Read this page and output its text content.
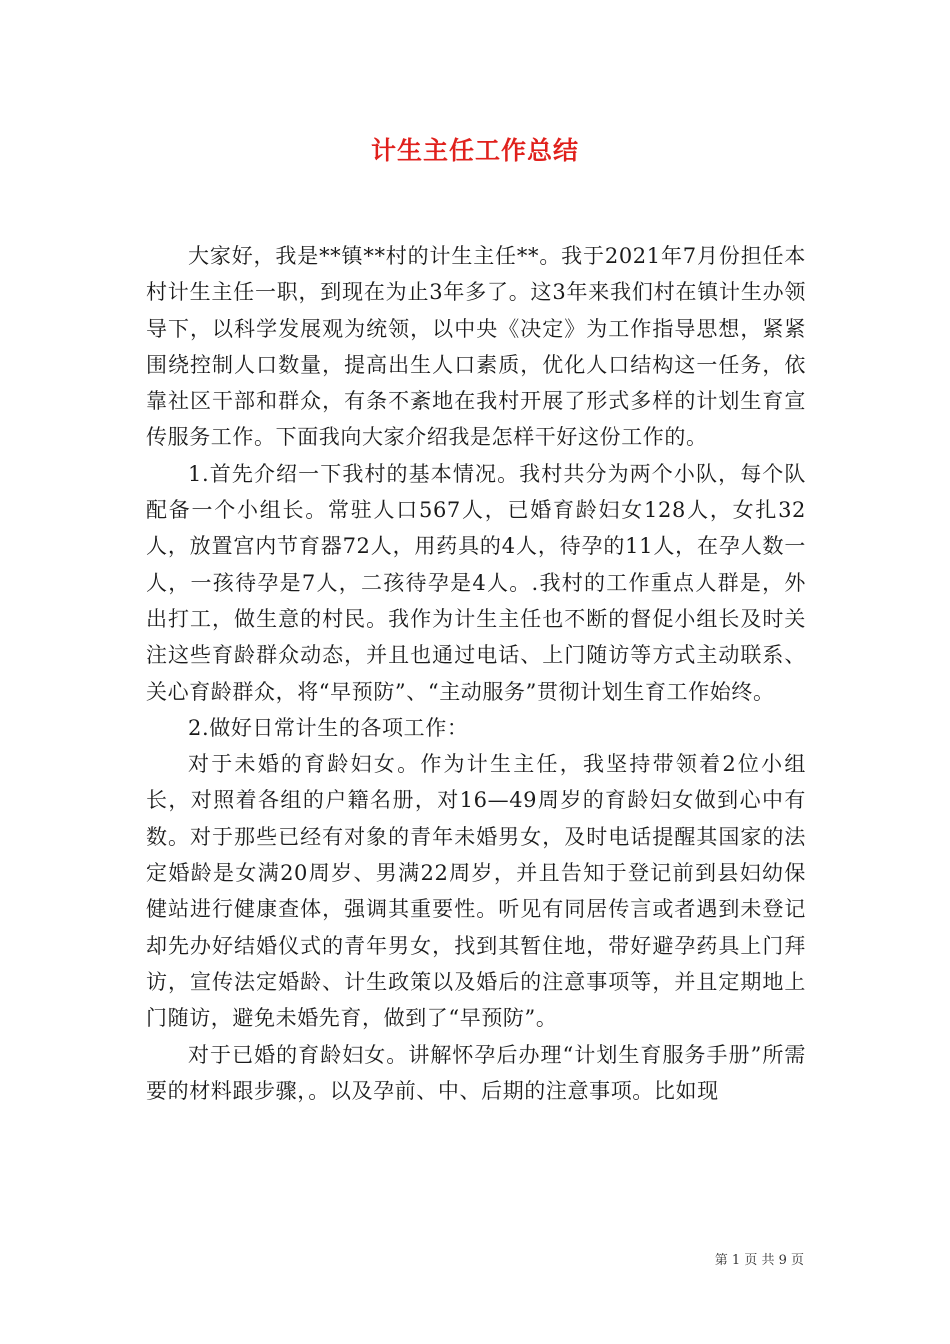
计生主任工作总结

大家好，我是**镇**村的计生主任**。我于2021年7月份担任本村计生主任一职，到现在为止3年多了。这3年来我们村在镇计生办领导下，以科学发展观为统领，以中央《决定》为工作指导思想，紧紧围绕控制人口数量，提高出生人口素质，优化人口结构这一任务，依靠社区干部和群众，有条不紊地在我村开展了形式多样的计划生育宣传服务工作。下面我向大家介绍我是怎样干好这份工作的。

1.首先介绍一下我村的基本情况。我村共分为两个小队，每个队配备一个小组长。常驻人口567人，已婚育龄妇女128人，女扎32人，放置宫内节育器72人，用药具的4人，待孕的11人，在孕人数一人，一孩待孕是7人，二孩待孕是4人。.我村的工作重点人群是，外出打工，做生意的村民。我作为计生主任也不断的督促小组长及时关注这些育龄群众动态，并且也通过电话、上门随访等方式主动联系、关心育龄群众，将“早预防”、“主动服务”贯彻计划生育工作始终。

2.做好日常计生的各项工作：

对于未婚的育龄妇女。作为计生主任，我坚持带领着2位小组长，对照着各组的户籍名册，对16—49周岁的育龄妇女做到心中有数。对于那些已经有对象的青年未婚男女，及时电话提醒其国家的法定婚龄是女满20周岁、男满22周岁，并且告知于登记前到县妇幼保健站进行健康查体，强调其重要性。听见有同居传言或者遇到未登记却先办好结婚仪式的青年男女，找到其暂住地，带好避孕药具上门拜访，宣传法定婚龄、计生政策以及婚后的注意事项等，并且定期地上门随访，避免未婚先育，做到了“早预防”。

对于已婚的育龄妇女。讲解怀孕后办理“计划生育服务手册”所需要的材料跟步骤，。以及孕前、中、后期的注意事项。比如现

第 1 页 共 9 页
